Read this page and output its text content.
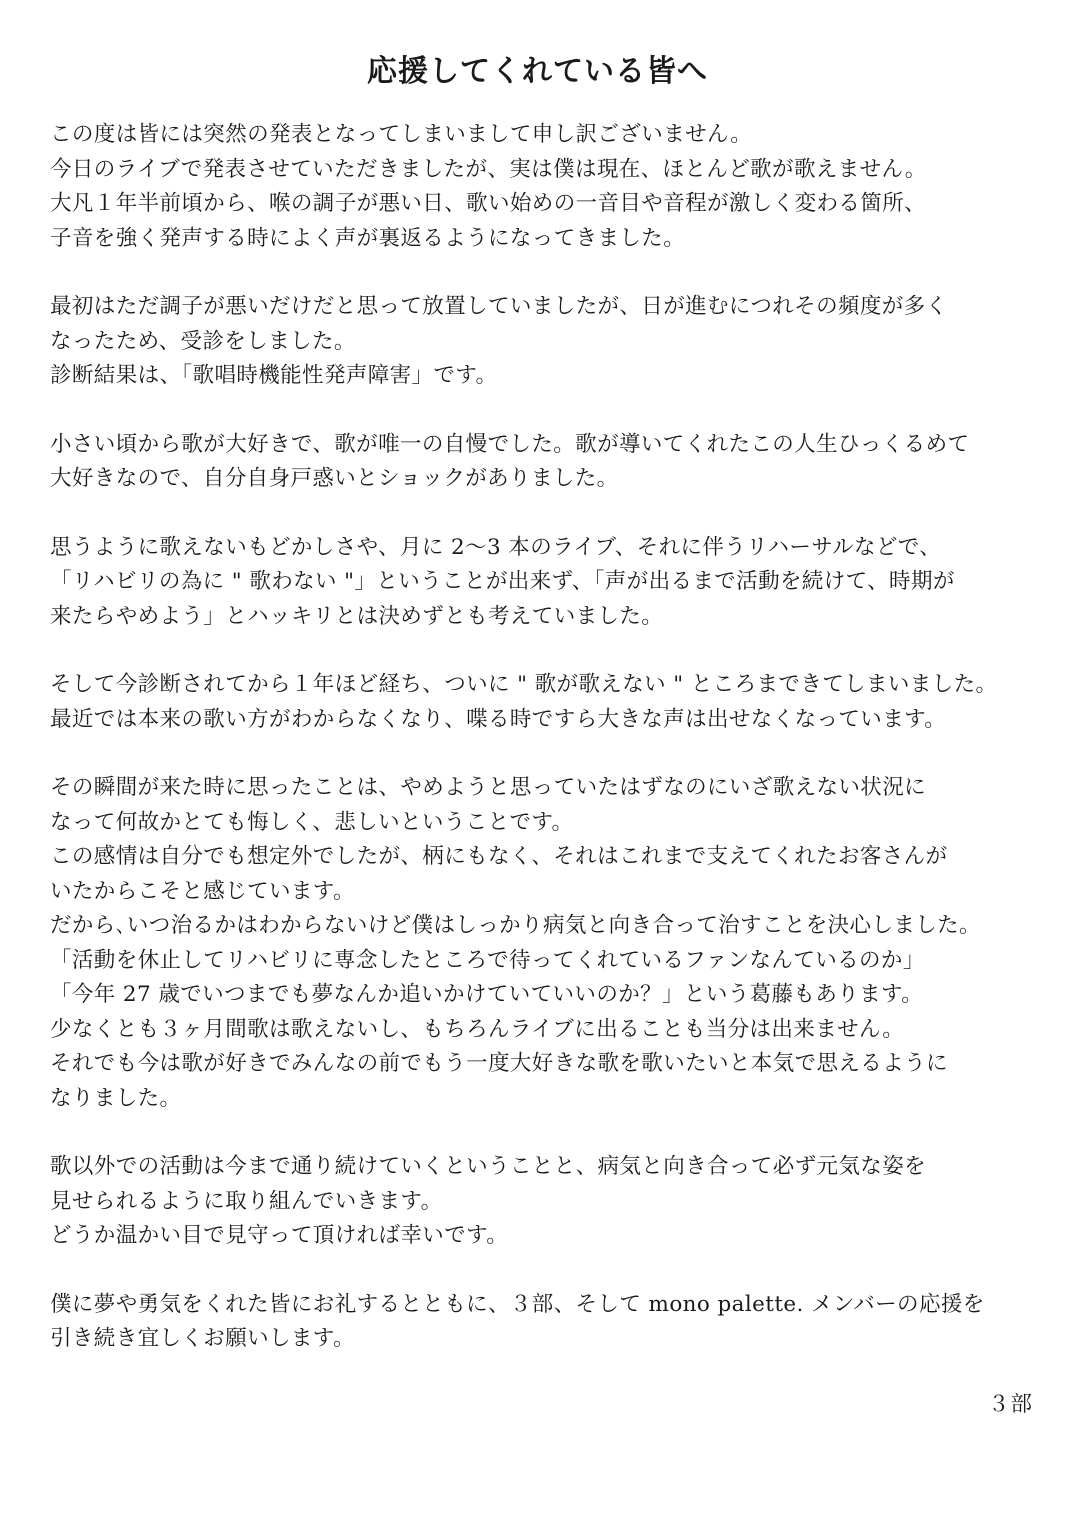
応援してくれている皆へ
この度は皆には突然の発表となってしまいまして申し訳ございません。
今日のライブで発表させていただきましたが、実は僕は現在、ほとんど歌が歌えません。
大凡１年半前頃から、喉の調子が悪い日、歌い始めの一音目や音程が激しく変わる箇所、
子音を強く発声する時によく声が裏返るようになってきました。
最初はただ調子が悪いだけだと思って放置していましたが、日が進むにつれその頻度が多く
なったため、受診をしました。
診断結果は、「歌唱時機能性発声障害」です。
小さい頃から歌が大好きで、歌が唯一の自慢でした。歌が導いてくれたこの人生ひっくるめて
大好きなので、自分自身戸惑いとショックがありました。
思うように歌えないもどかしさや、月に 2〜3 本のライブ、それに伴うリハーサルなどで、
「リハビリの為に " 歌わない "」ということが出来ず、「声が出るまで活動を続けて、時期が
来たらやめよう」とハッキリとは決めずとも考えていました。
そして今診断されてから１年ほど経ち、ついに " 歌が歌えない " ところまできてしまいました。
最近では本来の歌い方がわからなくなり、喋る時ですら大きな声は出せなくなっています。
その瞬間が来た時に思ったことは、やめようと思っていたはずなのにいざ歌えない状況に
なって何故かとても悔しく、悲しいということです。
この感情は自分でも想定外でしたが、柄にもなく、それはこれまで支えてくれたお客さんが
いたからこそと感じています。
だから､いつ治るかはわからないけど僕はしっかり病気と向き合って治すことを決心しました。
「活動を休止してリハビリに専念したところで待ってくれているファンなんているのか」
「今年 27 歳でいつまでも夢なんか追いかけていていいのか？」という葛藤もあります。
少なくとも３ヶ月間歌は歌えないし、もちろんライブに出ることも当分は出来ません。
それでも今は歌が好きでみんなの前でもう一度大好きな歌を歌いたいと本気で思えるように
なりました。
歌以外での活動は今まで通り続けていくということと、病気と向き合って必ず元気な姿を
見せられるように取り組んでいきます。
どうか温かい目で見守って頂ければ幸いです。
僕に夢や勇気をくれた皆にお礼するとともに、３部、そして mono palette. メンバーの応援を
引き続き宜しくお願いします。
３部
